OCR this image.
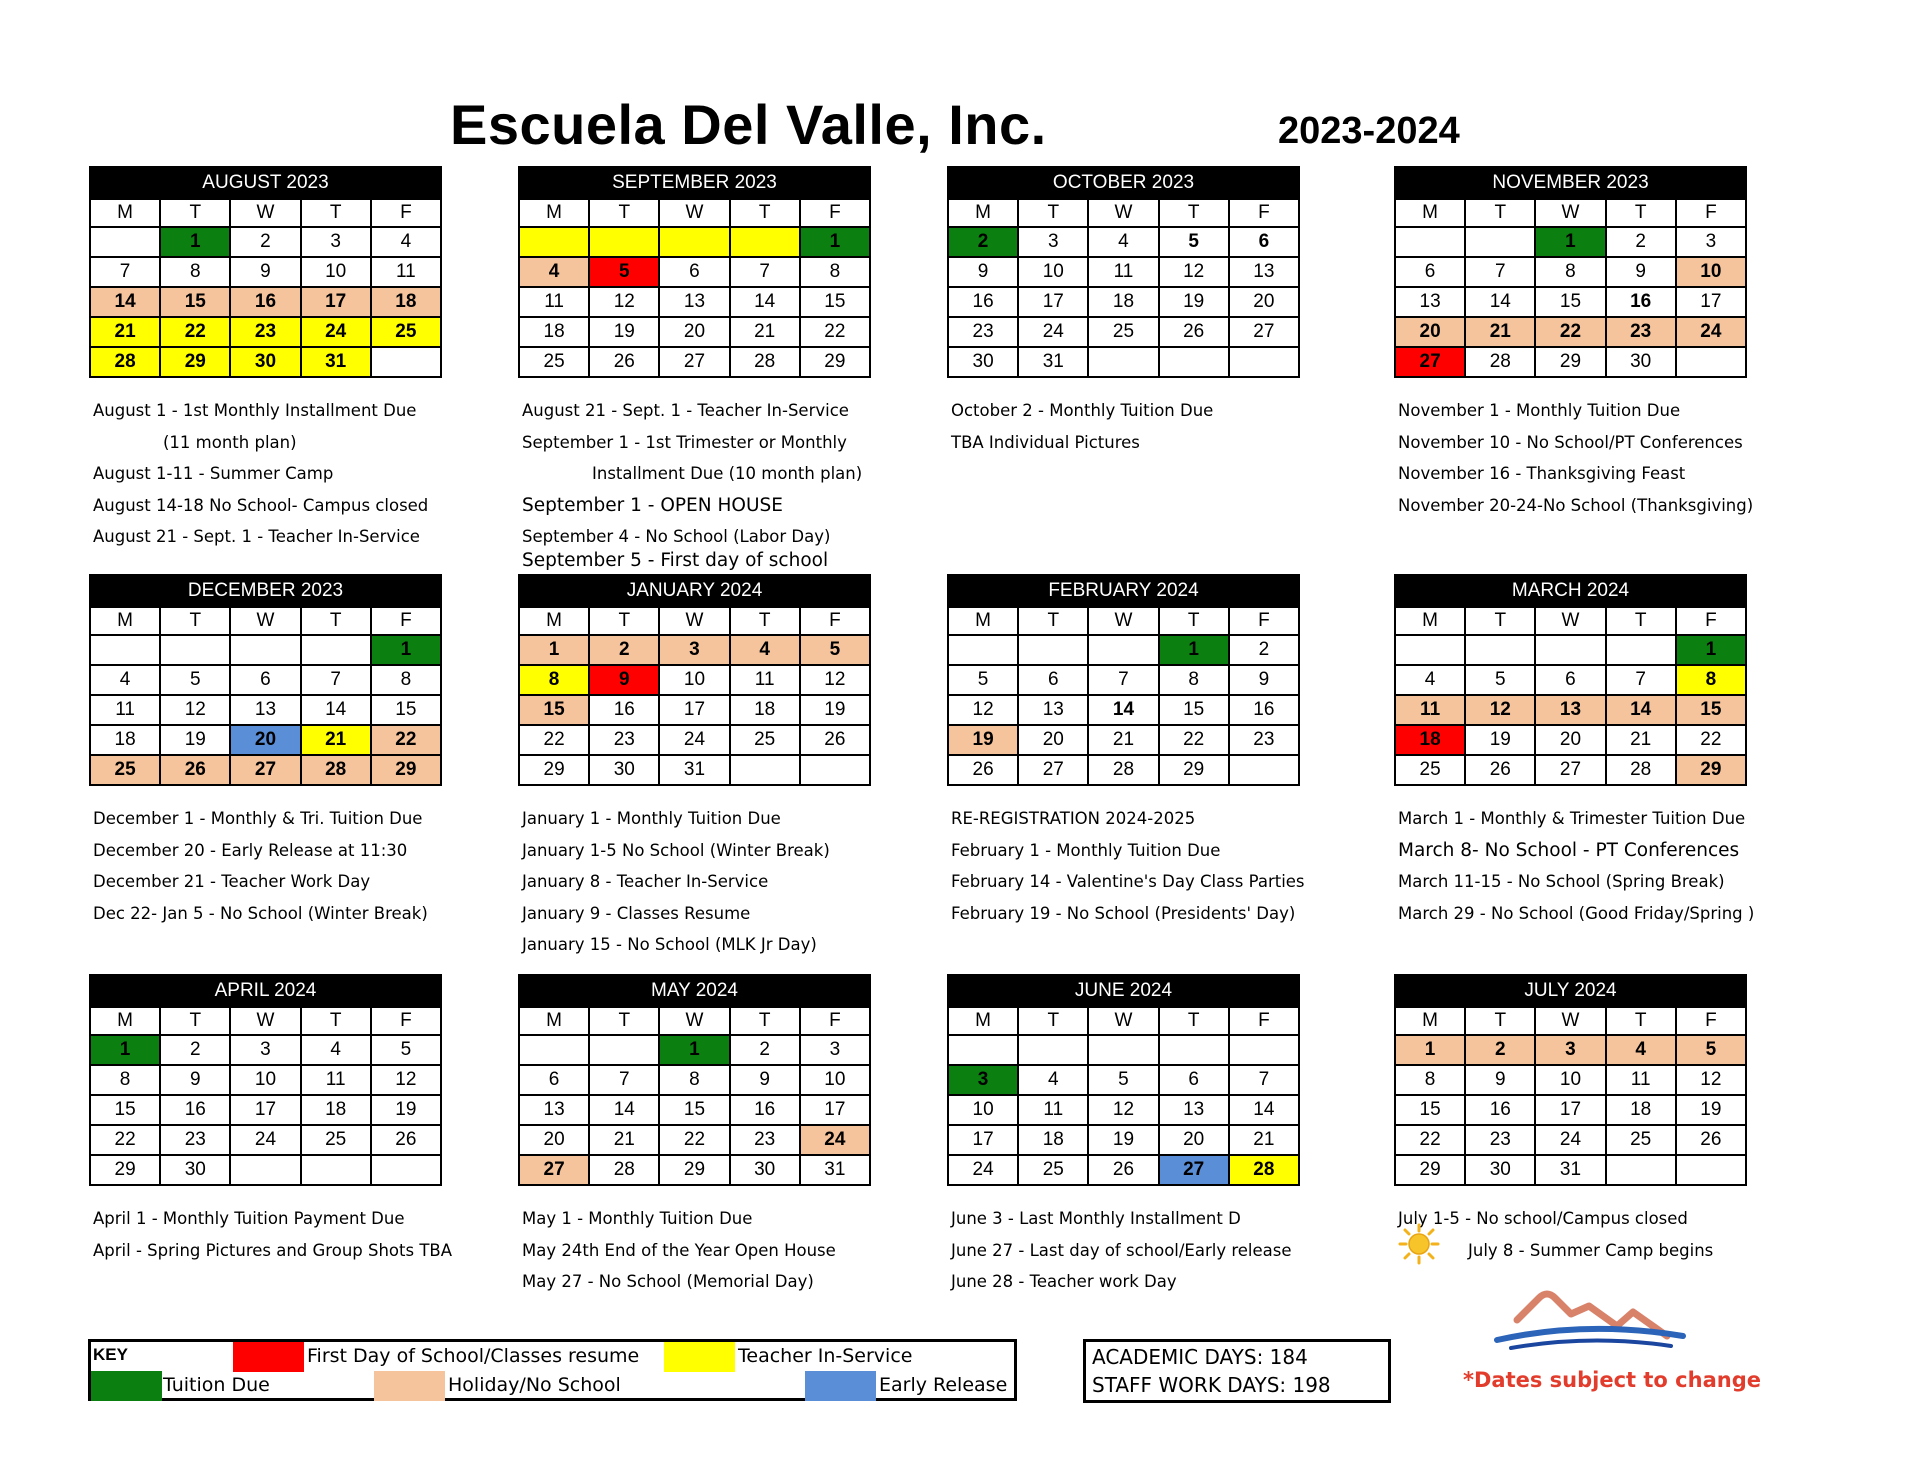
Escuela Del Valle, Inc.	2023-2024
AUGUST 2023				
M	T	W	T	F
	1	2	3	4
7	8	9	10	11
14	15	16	17	18
21	22	23	24	25
28	29	30	31	
August 1 - 1st Monthly Installment Due
(11 month plan)
August 1-11 - Summer Camp
August 14-18 No School- Campus closed
August 21 - Sept. 1 - Teacher In-Service
SEPTEMBER 2023				
M	T	W	T	F
				1
4	5	6	7	8
11	12	13	14	15
18	19	20	21	22
25	26	27	28	29
August 21 - Sept. 1 - Teacher In-Service
September 1 - 1st Trimester or Monthly
Installment Due (10 month plan)
September 1 - OPEN HOUSE
September 4 - No School (Labor Day)
September 5 - First day of school
OCTOBER 2023				
M	T	W	T	F
2	3	4	5	6
9	10	11	12	13
16	17	18	19	20
23	24	25	26	27
30	31			
October 2 - Monthly Tuition Due
TBA Individual Pictures
NOVEMBER 2023				
M	T	W	T	F
		1	2	3
6	7	8	9	10
13	14	15	16	17
20	21	22	23	24
27	28	29	30	
November 1 - Monthly Tuition Due
November 10 - No School/PT Conferences
November 16 - Thanksgiving Feast
November 20-24-No School (Thanksgiving)
DECEMBER 2023				
M	T	W	T	F
				1
4	5	6	7	8
11	12	13	14	15
18	19	20	21	22
25	26	27	28	29
December 1 - Monthly & Tri. Tuition Due
December 20 - Early Release at 11:30
December 21 - Teacher Work Day
Dec 22- Jan 5 - No School (Winter Break)
JANUARY 2024				
M	T	W	T	F
1	2	3	4	5
8	9	10	11	12
15	16	17	18	19
22	23	24	25	26
29	30	31		
January 1 - Monthly Tuition Due
January 1-5 No School (Winter Break)
January 8 - Teacher In-Service
January 9 - Classes Resume
January 15 - No School (MLK Jr Day)
FEBRUARY 2024				
M	T	W	T	F
			1	2
5	6	7	8	9
12	13	14	15	16
19	20	21	22	23
26	27	28	29	
RE-REGISTRATION 2024-2025
February 1 - Monthly Tuition Due
February 14 - Valentine's Day Class Parties
February 19 - No School (Presidents' Day)
MARCH 2024				
M	T	W	T	F
				1
4	5	6	7	8
11	12	13	14	15
18	19	20	21	22
25	26	27	28	29
March 1 - Monthly & Trimester Tuition Due
March 8- No School - PT Conferences
March 11-15 - No School (Spring Break)
March 29 - No School (Good Friday/Spring )
APRIL 2024				
M	T	W	T	F
1	2	3	4	5
8	9	10	11	12
15	16	17	18	19
22	23	24	25	26
29	30			
April 1 - Monthly Tuition Payment Due
April - Spring Pictures and Group Shots TBA
MAY 2024				
M	T	W	T	F
		1	2	3
6	7	8	9	10
13	14	15	16	17
20	21	22	23	24
27	28	29	30	31
May 1 - Monthly Tuition Due
May 24th End of the Year Open House
May 27 - No School (Memorial Day)
JUNE 2024				
M	T	W	T	F

3	4	5	6	7
10	11	12	13	14
17	18	19	20	21
24	25	26	27	28
June 3 - Last Monthly Installment D
June 27 - Last day of school/Early release
June 28 - Teacher work Day
JULY 2024				
M	T	W	T	F
1	2	3	4	5
8	9	10	11	12
15	16	17	18	19
22	23	24	25	26
29	30	31		
July 1-5 - No school/Campus closed
July 8 - Summer Camp begins
KEY	First Day of School/Classes resume	Teacher In-Service
Tuition Due	Holiday/No School	Early Release
ACADEMIC DAYS: 184
STAFF WORK DAYS: 198	*Dates subject to change
